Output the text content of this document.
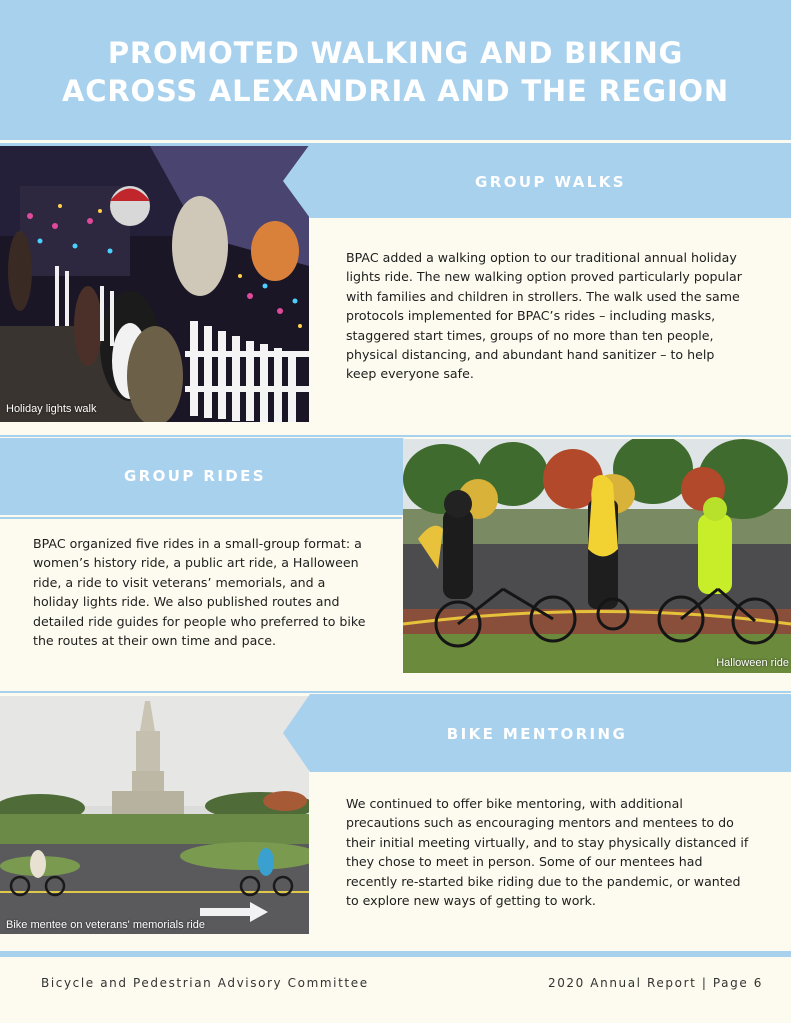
PROMOTED WALKING AND BIKING
ACROSS ALEXANDRIA AND THE REGION
Holiday lights walk
GROUP WALKS
BPAC added a walking option to our traditional annual holiday lights ride. The new walking option proved particularly popular with families and children in strollers. The walk used the same protocols implemented for BPAC’s rides – including masks, staggered start times, groups of no more than ten people, physical distancing, and abundant hand sanitizer – to help keep everyone safe.
GROUP RIDES
BPAC organized five rides in a small-group format: a women’s history ride, a public art ride, a Halloween ride, a ride to visit veterans’ memorials, and a holiday lights ride. We also published routes and detailed ride guides for people who preferred to bike the routes at their own time and pace.
Halloween ride
Bike mentee on veterans' memorials ride
BIKE MENTORING
We continued to offer bike mentoring, with additional precautions such as encouraging mentors and mentees to do their initial meeting virtually, and to stay physically distanced if they chose to meet in person. Some of our mentees had recently re-started bike riding due to the pandemic, or wanted to explore new ways of getting to work.
Bicycle and Pedestrian Advisory Committee	2020 Annual Report | Page 6
